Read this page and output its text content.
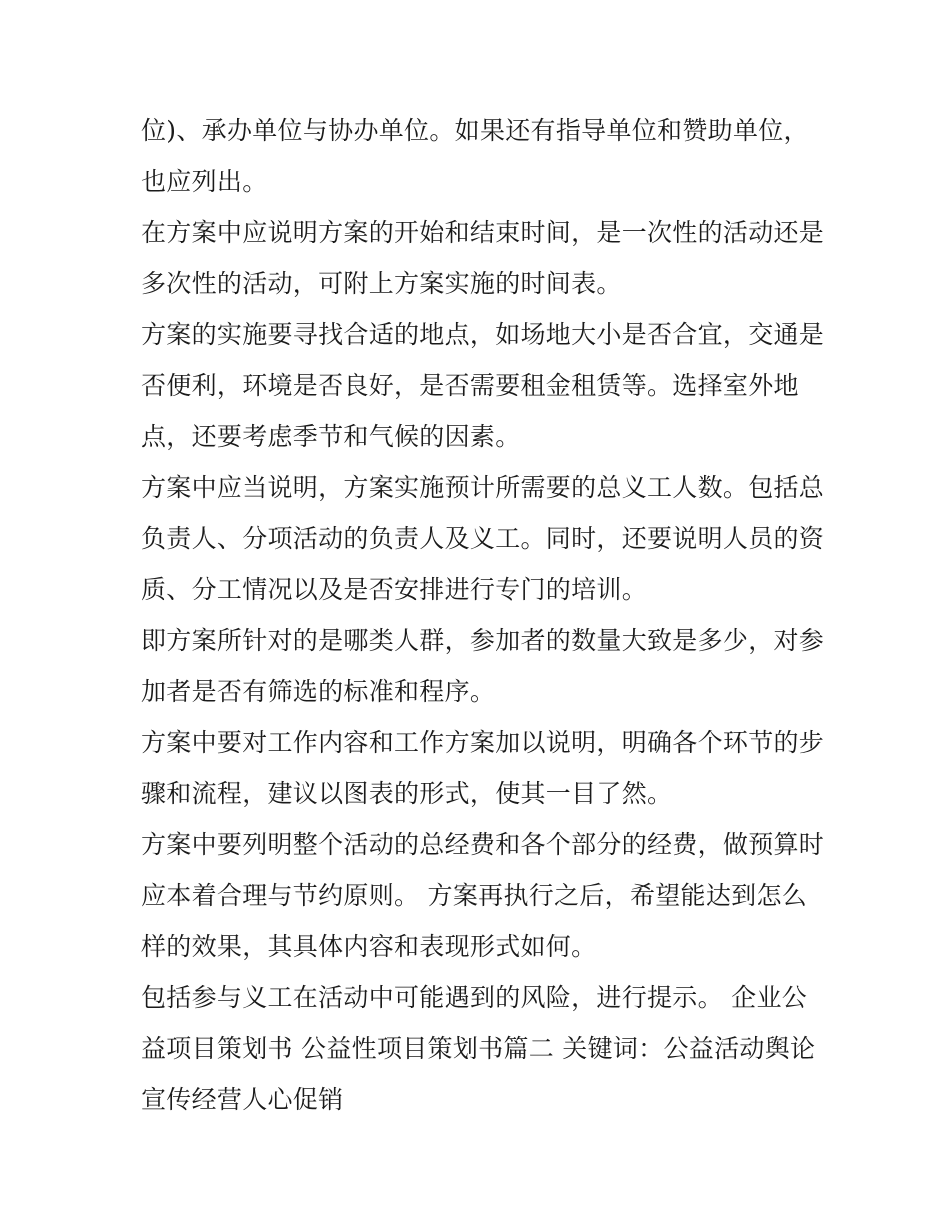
位)、承办单位与协办单位。如果还有指导单位和赞助单位，
也应列出。
在方案中应说明方案的开始和结束时间，是一次性的活动还是
多次性的活动，可附上方案实施的时间表。
方案的实施要寻找合适的地点，如场地大小是否合宜，交通是
否便利，环境是否良好，是否需要租金租赁等。选择室外地
点，还要考虑季节和气候的因素。
方案中应当说明，方案实施预计所需要的总义工人数。包括总
负责人、分项活动的负责人及义工。同时，还要说明人员的资
质、分工情况以及是否安排进行专门的培训。
即方案所针对的是哪类人群，参加者的数量大致是多少，对参
加者是否有筛选的标准和程序。
方案中要对工作内容和工作方案加以说明，明确各个环节的步
骤和流程，建议以图表的形式，使其一目了然。
方案中要列明整个活动的总经费和各个部分的经费，做预算时
应本着合理与节约原则。 方案再执行之后，希望能达到怎么
样的效果，其具体内容和表现形式如何。
包括参与义工在活动中可能遇到的风险，进行提示。 企业公
益项目策划书 公益性项目策划书篇二 关键词：公益活动舆论
宣传经营人心促销
